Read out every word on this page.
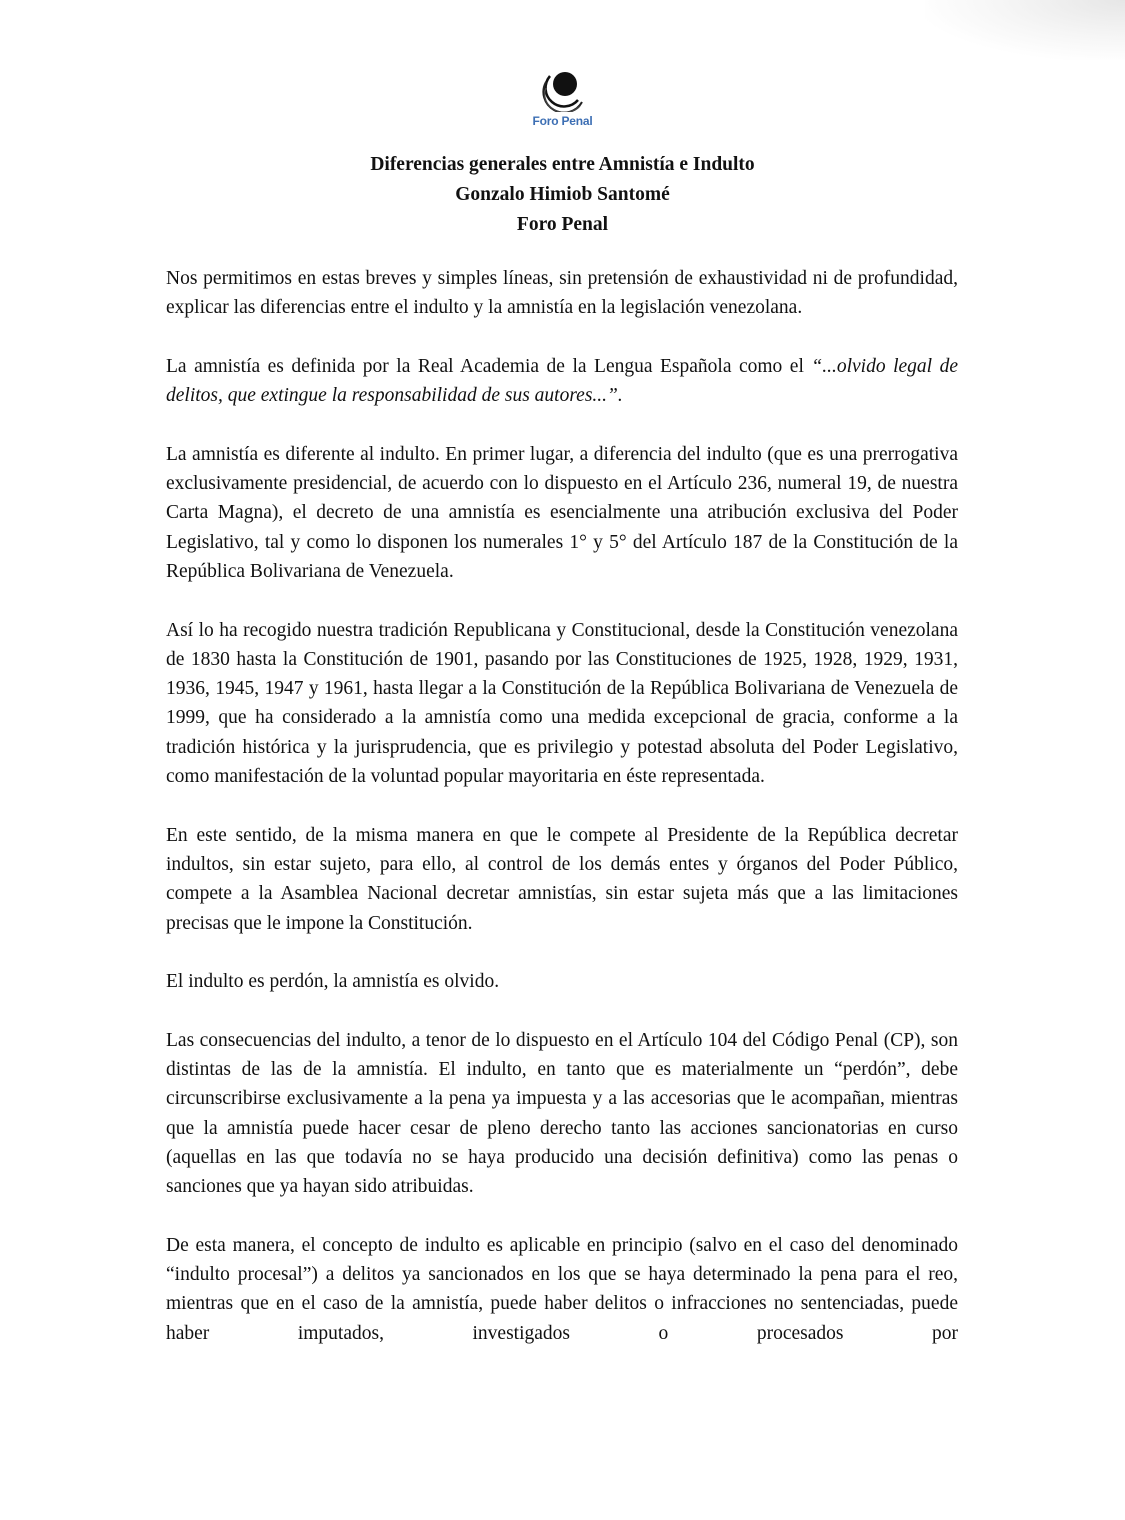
Foro Penal
Diferencias generales entre Amnistía e Indulto
Gonzalo Himiob Santomé
Foro Penal

Nos permitimos en estas breves y simples líneas, sin pretensión de exhaustividad ni de profundidad, explicar las diferencias entre el indulto y la amnistía en la legislación venezolana.

La amnistía es definida por la Real Academia de la Lengua Española como el “...olvido legal de delitos, que extingue la responsabilidad de sus autores...”.

La amnistía es diferente al indulto. En primer lugar, a diferencia del indulto (que es una prerrogativa exclusivamente presidencial, de acuerdo con lo dispuesto en el Artículo 236, numeral 19, de nuestra Carta Magna), el decreto de una amnistía es esencialmente una atribución exclusiva del Poder Legislativo, tal y como lo disponen los numerales 1° y 5° del Artículo 187 de la Constitución de la República Bolivariana de Venezuela.

Así lo ha recogido nuestra tradición Republicana y Constitucional, desde la Constitución venezolana de 1830 hasta la Constitución de 1901, pasando por las Constituciones de 1925, 1928, 1929, 1931, 1936, 1945, 1947 y 1961, hasta llegar a la Constitución de la República Bolivariana de Venezuela de 1999, que ha considerado a la amnistía como una medida excepcional de gracia, conforme a la tradición histórica y la jurisprudencia, que es privilegio y potestad absoluta del Poder Legislativo, como manifestación de la voluntad popular mayoritaria en éste representada.

En este sentido, de la misma manera en que le compete al Presidente de la República decretar indultos, sin estar sujeto, para ello, al control de los demás entes y órganos del Poder Público, compete a la Asamblea Nacional decretar amnistías, sin estar sujeta más que a las limitaciones precisas que le impone la Constitución.

El indulto es perdón, la amnistía es olvido.

Las consecuencias del indulto, a tenor de lo dispuesto en el Artículo 104 del Código Penal (CP), son distintas de las de la amnistía. El indulto, en tanto que es materialmente un “perdón”, debe circunscribirse exclusivamente a la pena ya impuesta y a las accesorias que le acompañan, mientras que la amnistía puede hacer cesar de pleno derecho tanto las acciones sancionatorias en curso (aquellas en las que todavía no se haya producido una decisión definitiva) como las penas o sanciones que ya hayan sido atribuidas.

De esta manera, el concepto de indulto es aplicable en principio (salvo en el caso del denominado “indulto procesal”) a delitos ya sancionados en los que se haya determinado la pena para el reo, mientras que en el caso de la amnistía, puede haber delitos o infracciones no sentenciadas, puede haber imputados, investigados o procesados por
